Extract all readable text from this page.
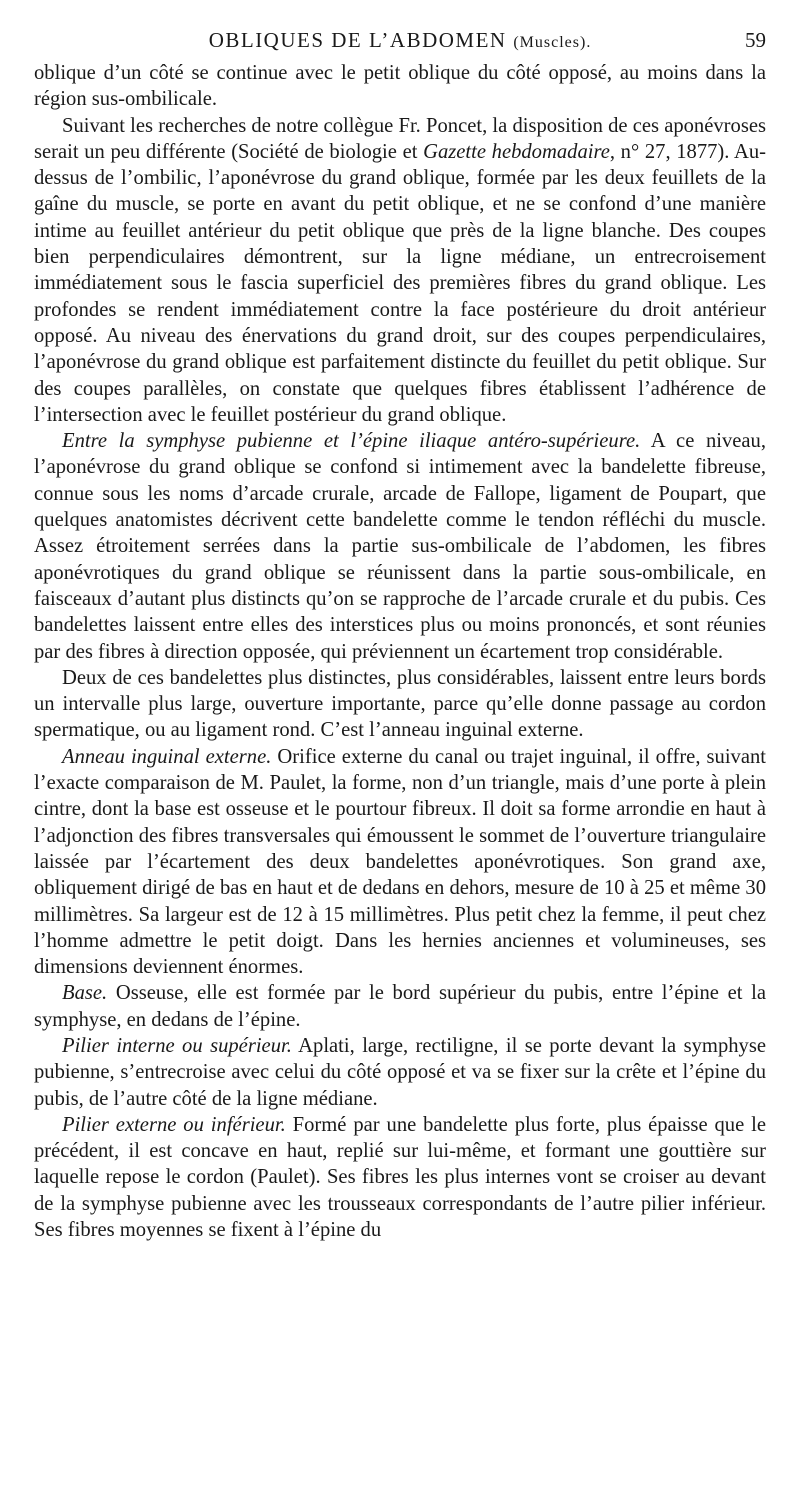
OBLIQUES DE L’ABDOMEN (Muscles).	59

oblique d’un côté se continue avec le petit oblique du côté opposé, au moins dans la région sus-ombilicale.

Suivant les recherches de notre collègue Fr. Poncet, la disposition de ces aponévroses serait un peu différente (Société de biologie et Gazette hebdomadaire, n° 27, 1877). Au-dessus de l’ombilic, l’aponévrose du grand oblique, formée par les deux feuillets de la gaîne du muscle, se porte en avant du petit oblique, et ne se confond d’une manière intime au feuillet antérieur du petit oblique que près de la ligne blanche. Des coupes bien perpendiculaires démontrent, sur la ligne médiane, un entrecroisement immédiatement sous le fascia superficiel des premières fibres du grand oblique. Les profondes se rendent immédiatement contre la face postérieure du droit antérieur opposé. Au niveau des énervations du grand droit, sur des coupes perpendiculaires, l’aponévrose du grand oblique est parfaitement distincte du feuillet du petit oblique. Sur des coupes parallèles, on constate que quelques fibres établissent l’adhérence de l’intersection avec le feuillet postérieur du grand oblique.

Entre la symphyse pubienne et l’épine iliaque antéro-supérieure. A ce niveau, l’aponévrose du grand oblique se confond si intimement avec la bandelette fibreuse, connue sous les noms d’arcade crurale, arcade de Fallope, ligament de Poupart, que quelques anatomistes décrivent cette bandelette comme le tendon réfléchi du muscle. Assez étroitement serrées dans la partie sus-ombilicale de l’abdomen, les fibres aponévrotiques du grand oblique se réunissent dans la partie sous-ombilicale, en faisceaux d’autant plus distincts qu’on se rapproche de l’arcade crurale et du pubis. Ces bandelettes laissent entre elles des interstices plus ou moins prononcés, et sont réunies par des fibres à direction opposée, qui préviennent un écartement trop considérable.

Deux de ces bandelettes plus distinctes, plus considérables, laissent entre leurs bords un intervalle plus large, ouverture importante, parce qu’elle donne passage au cordon spermatique, ou au ligament rond. C’est l’anneau inguinal externe.

Anneau inguinal externe. Orifice externe du canal ou trajet inguinal, il offre, suivant l’exacte comparaison de M. Paulet, la forme, non d’un triangle, mais d’une porte à plein cintre, dont la base est osseuse et le pourtour fibreux. Il doit sa forme arrondie en haut à l’adjonction des fibres transversales qui émoussent le sommet de l’ouverture triangulaire laissée par l’écartement des deux bandelettes aponévrotiques. Son grand axe, obliquement dirigé de bas en haut et de dedans en dehors, mesure de 10 à 25 et même 30 millimètres. Sa largeur est de 12 à 15 millimètres. Plus petit chez la femme, il peut chez l’homme admettre le petit doigt. Dans les hernies anciennes et volumineuses, ses dimensions deviennent énormes.

Base. Osseuse, elle est formée par le bord supérieur du pubis, entre l’épine et la symphyse, en dedans de l’épine.

Pilier interne ou supérieur. Aplati, large, rectiligne, il se porte devant la symphyse pubienne, s’entrecroise avec celui du côté opposé et va se fixer sur la crête et l’épine du pubis, de l’autre côté de la ligne médiane.

Pilier externe ou inférieur. Formé par une bandelette plus forte, plus épaisse que le précédent, il est concave en haut, replié sur lui-même, et formant une gouttière sur laquelle repose le cordon (Paulet). Ses fibres les plus internes vont se croiser au devant de la symphyse pubienne avec les trousseaux correspondants de l’autre pilier inférieur. Ses fibres moyennes se fixent à l’épine du
